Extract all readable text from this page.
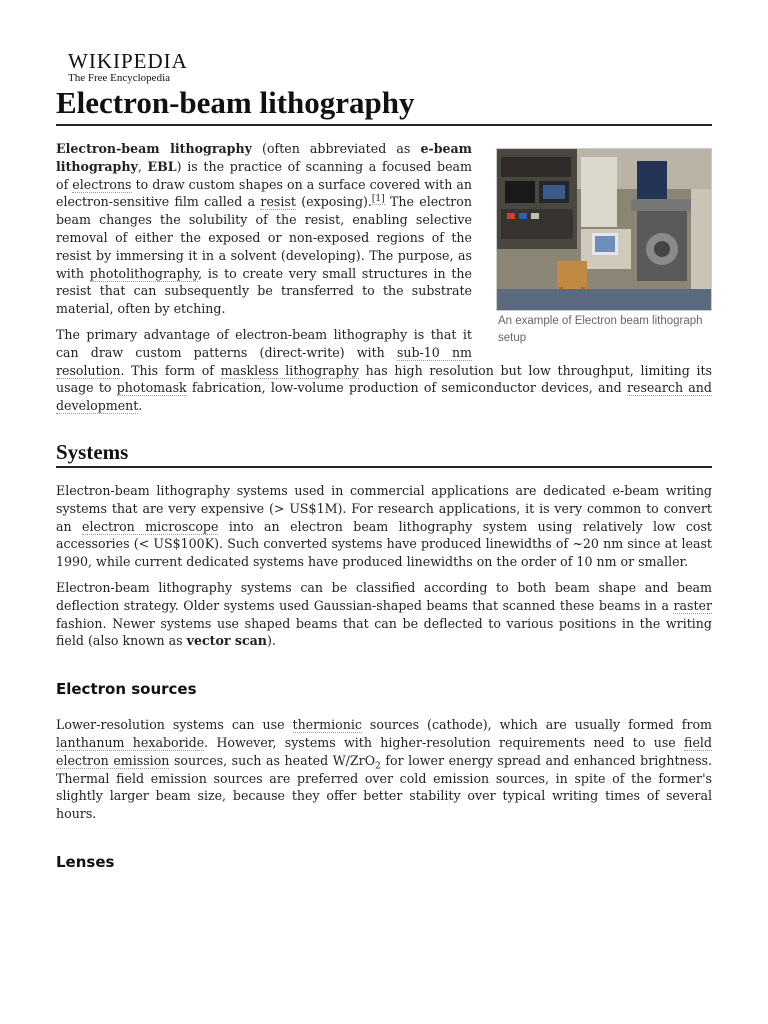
WIKIPEDIA
The Free Encyclopedia
Electron-beam lithography
An example of Electron beam lithograph setup

Electron-beam lithography (often abbreviated as e-beam lithography, EBL) is the practice of scanning a focused beam of electrons to draw custom shapes on a surface covered with an electron-sensitive film called a resist (exposing).[1] The electron beam changes the solubility of the resist, enabling selective removal of either the exposed or non-exposed regions of the resist by immersing it in a solvent (developing). The purpose, as with photolithography, is to create very small structures in the resist that can subsequently be transferred to the substrate material, often by etching.

The primary advantage of electron-beam lithography is that it can draw custom patterns (direct-write) with sub-10 nm resolution. This form of maskless lithography has high resolution but low throughput, limiting its usage to photomask fabrication, low-volume production of semiconductor devices, and research and development.

Systems

Electron-beam lithography systems used in commercial applications are dedicated e-beam writing systems that are very expensive (> US$1M). For research applications, it is very common to convert an electron microscope into an electron beam lithography system using relatively low cost accessories (< US$100K). Such converted systems have produced linewidths of ~20 nm since at least 1990, while current dedicated systems have produced linewidths on the order of 10 nm or smaller.

Electron-beam lithography systems can be classified according to both beam shape and beam deflection strategy. Older systems used Gaussian-shaped beams that scanned these beams in a raster fashion. Newer systems use shaped beams that can be deflected to various positions in the writing field (also known as vector scan).

Electron sources

Lower-resolution systems can use thermionic sources (cathode), which are usually formed from lanthanum hexaboride. However, systems with higher-resolution requirements need to use field electron emission sources, such as heated W/ZrO$_2$ for lower energy spread and enhanced brightness. Thermal field emission sources are preferred over cold emission sources, in spite of the former's slightly larger beam size, because they offer better stability over typical writing times of several hours.

Lenses
